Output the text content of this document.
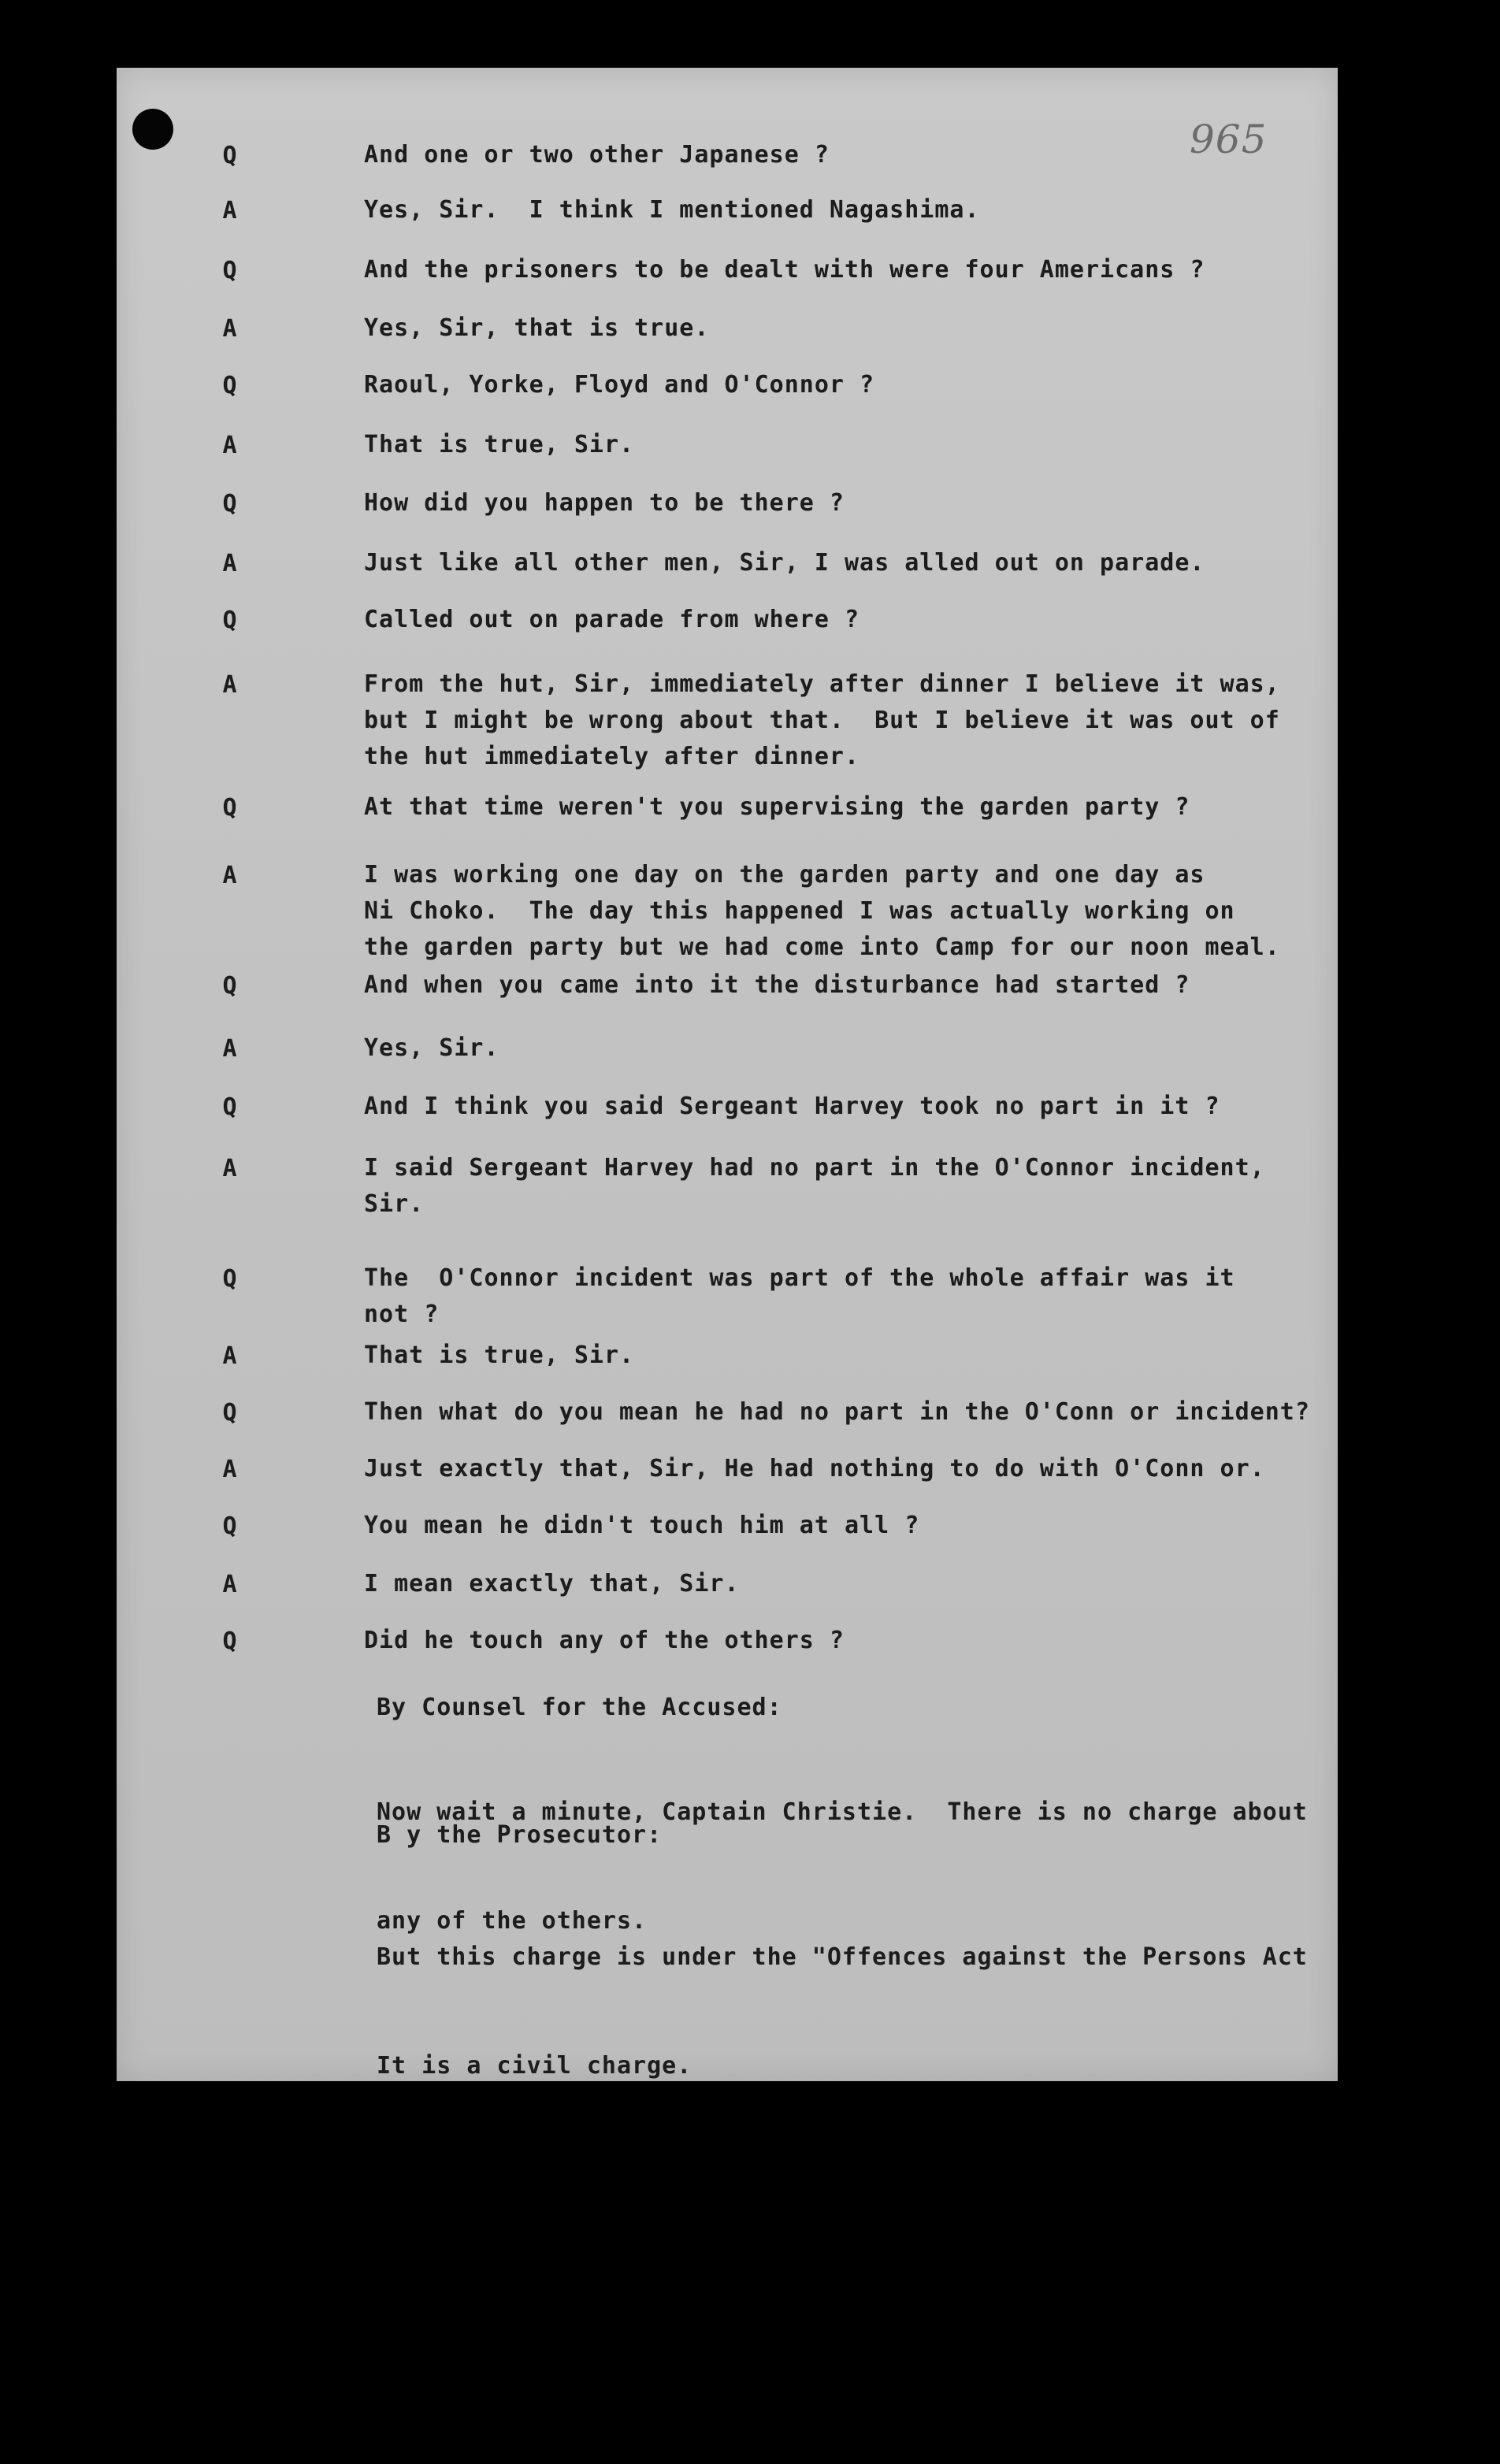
965
Q	And one or two other Japanese ?
A	Yes, Sir.  I think I mentioned Nagashima.
Q	And the prisoners to be dealt with were four Americans ?
A	Yes, Sir, that is true.
Q	Raoul, Yorke, Floyd and O'Connor ?
A	That is true, Sir.
Q	How did you happen to be there ?
A	Just like all other men, Sir, I was alled out on parade.
Q	Called out on parade from where ?
A	From the hut, Sir, immediately after dinner I believe it was,
but I might be wrong about that.  But I believe it was out of
the hut immediately after dinner.
Q	At that time weren't you supervising the garden party ?
A	I was working one day on the garden party and one day as
Ni Choko.  The day this happened I was actually working on
the garden party but we had come into Camp for our noon meal.
Q	And when you came into it the disturbance had started ?
A	Yes, Sir.
Q	And I think you said Sergeant Harvey took no part in it ?
A	I said Sergeant Harvey had no part in the O'Connor incident,
Sir.
Q	The  O'Connor incident was part of the whole affair was it
not ?
A	That is true, Sir.
Q	Then what do you mean he had no part in the O'Conn or incident?
A	Just exactly that, Sir, He had nothing to do with O'Conn or.
Q	You mean he didn't touch him at all ?
A	I mean exactly that, Sir.
Q	Did he touch any of the others ?
By Counsel for the Accused:

Now wait a minute, Captain Christie.  There is no charge about

any of the others.

B y the Prosecutor:

But this charge is under the "Offences against the Persons Act

It is a civil charge.
